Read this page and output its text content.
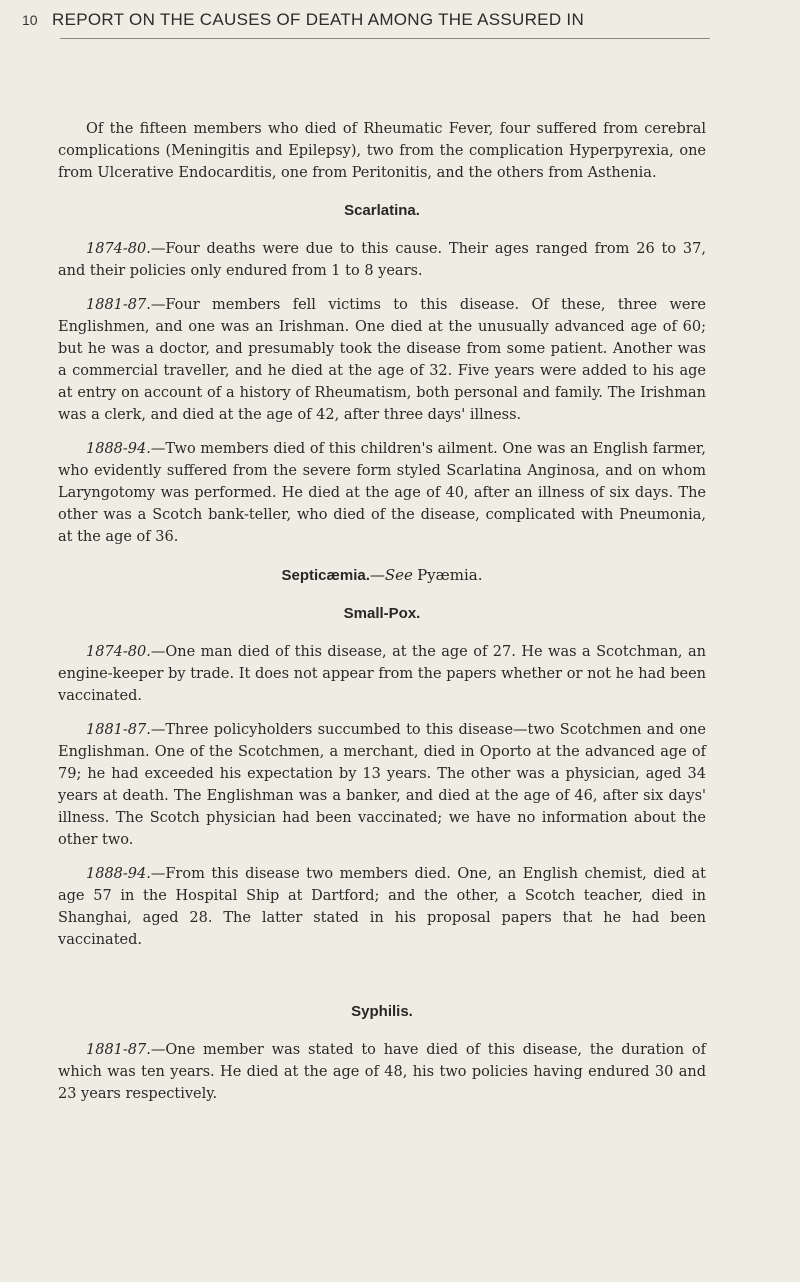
10 REPORT ON THE CAUSES OF DEATH AMONG THE ASSURED IN

Of the fifteen members who died of Rheumatic Fever, four suffered from cerebral complications (Meningitis and Epilepsy), two from the complication Hyperpyrexia, one from Ulcerative Endocarditis, one from Peritonitis, and the others from Asthenia.

Scarlatina.

1874-80.—Four deaths were due to this cause. Their ages ranged from 26 to 37, and their policies only endured from 1 to 8 years.

1881-87.—Four members fell victims to this disease. Of these, three were Englishmen, and one was an Irishman. One died at the unusually advanced age of 60; but he was a doctor, and presumably took the disease from some patient. Another was a commercial traveller, and he died at the age of 32. Five years were added to his age at entry on account of a history of Rheumatism, both personal and family. The Irishman was a clerk, and died at the age of 42, after three days' illness.

1888-94.—Two members died of this children's ailment. One was an English farmer, who evidently suffered from the severe form styled Scarlatina Anginosa, and on whom Laryngotomy was performed. He died at the age of 40, after an illness of six days. The other was a Scotch bank-teller, who died of the disease, complicated with Pneumonia, at the age of 36.

Septicæmia.—See Pyæmia.
Small-Pox.

1874-80.—One man died of this disease, at the age of 27. He was a Scotchman, an engine-keeper by trade. It does not appear from the papers whether or not he had been vaccinated.

1881-87.—Three policyholders succumbed to this disease—two Scotchmen and one Englishman. One of the Scotchmen, a merchant, died in Oporto at the advanced age of 79; he had exceeded his expectation by 13 years. The other was a physician, aged 34 years at death. The Englishman was a banker, and died at the age of 46, after six days' illness. The Scotch physician had been vaccinated; we have no information about the other two.

1888-94.—From this disease two members died. One, an English chemist, died at age 57 in the Hospital Ship at Dartford; and the other, a Scotch teacher, died in Shanghai, aged 28. The latter stated in his proposal papers that he had been vaccinated.

Syphilis.

1881-87.—One member was stated to have died of this disease, the duration of which was ten years. He died at the age of 48, his two policies having endured 30 and 23 years respectively.
